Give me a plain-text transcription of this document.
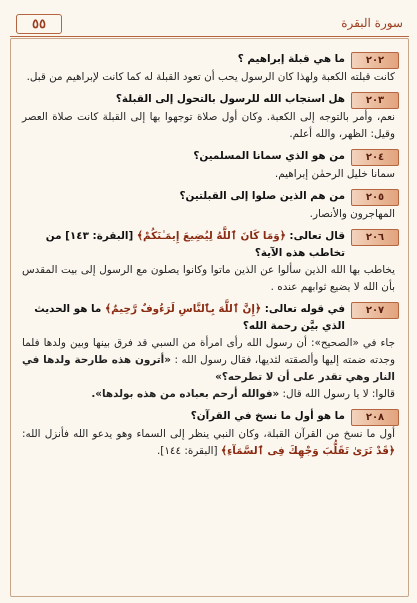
٥٥	سورة البقرة
٢٠٢
ما هي قبلة إبراهيم ؟
كانت قبلته الكعبة ولهذا كان الرسول يحب أن تعود القبلة له كما كانت لإبراهيم من قبل.
٢٠٣
هل استجاب الله للرسول بالتحول إلى القبلة؟
نعم، وأمر بالتوجه إلى الكعبة. وكان أول صلاة توجهوا بها إلى القبلة كانت صلاة العصر وقيل: الظهر، والله أعلم.
٢٠٤
من هو الذي سمانا المسلمين؟
سمانا خليل الرحمٰن إبراهيم.
٢٠٥
من هم الذين صلوا إلى القبلتين؟
المهاجرون والأنصار.
٢٠٦
قال تعالى: ﴿وَمَا كَانَ ٱللَّهُ لِيُضِيعَ إِيمَـٰنَكُمْ﴾ [البقرة: ١٤٣] من تخاطب هذه الآية؟
يخاطب بها الله الذين سألوا عن الذين ماتوا وكانوا يصلون مع الرسول إلى بيت المقدس بأن الله لا يضيع ثوابهم عنده .
٢٠٧
في قوله تعالى: ﴿إِنَّ ٱللَّهَ بِٱلنَّاسِ لَرَءُوفٌ رَّحِيمٌ﴾ ما هو الحديث الذي بيَّن رحمة الله؟
جاء في «الصحيح»: أن رسول الله رأى امرأة من السبي قد فرق بينها وبين ولدها فلما وجدته ضمته إليها وألصقته لثديها، فقال رسول الله : «أترون هذه طارحة ولدها في النار وهي تقدر على أن لا تطرحه؟»
قالوا: لا يا رسول الله قال: «فوالله أرحم بعباده من هذه بولدها».
٢٠٨
ما هو أول ما نسخ في القرآن؟
أول ما نسخ من القرآن القبلة، وكان النبي ينظر إلى السماء وهو يدعو الله فأنزل الله: ﴿قَدْ نَرَىٰ تَقَلُّبَ وَجْهِكَ فِى ٱلسَّمَآءِ﴾ [البقرة: ١٤٤].
